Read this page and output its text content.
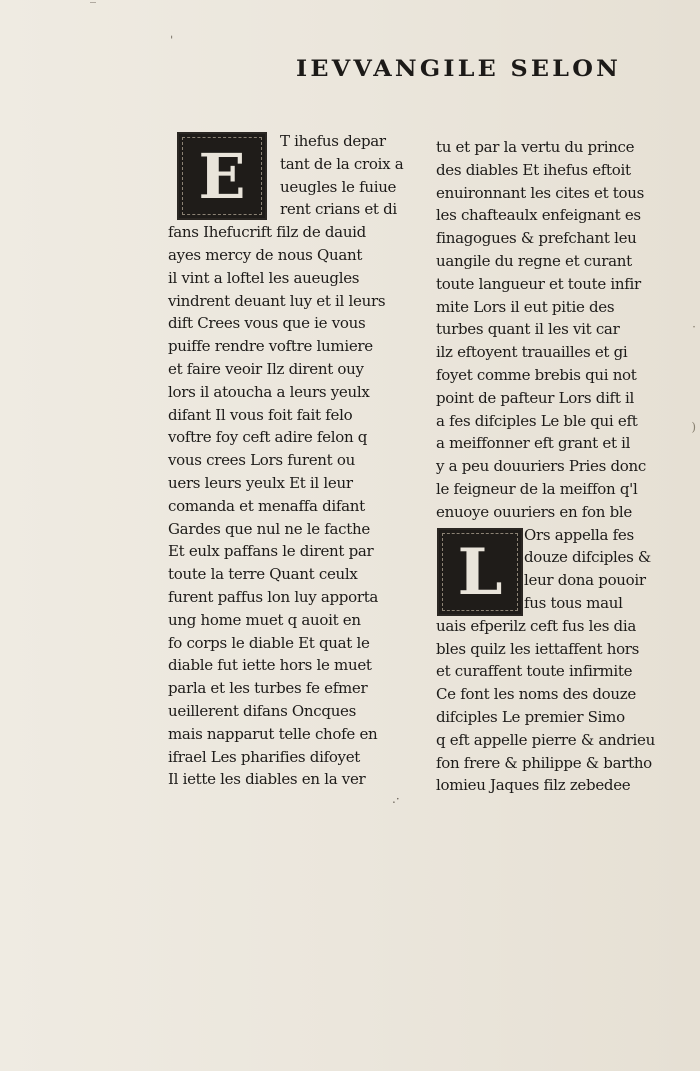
IEVVANGILE SELON
E
L
T ihefus depar
tant de la croix a
ueugles le fuiue
rent crians et di
fans Ihefucrift filz de dauid
ayes mercy de nous Quant
il vint a loftel les aueugles
vindrent deuant luy et il leurs
dift Crees vous que ie vous
puiffe rendre voftre lumiere
et faire veoir Ilz dirent ouy
lors il atoucha a leurs yeulx
difant Il vous foit fait felo
voftre foy ceft adire felon q
vous crees Lors furent ou
uers leurs yeulx Et il leur
comanda et menaffa difant
Gardes que nul ne le facthe
Et eulx paffans le dirent par
toute la terre Quant ceulx
furent paffus lon luy apporta
ung home muet q auoit en
fo corps le diable Et quat le
diable fut iette hors le muet
parla et les turbes fe efmer
ueillerent difans Oncques
mais napparut telle chofe en
ifrael Les pharifies difoyet
Il iette les diables en la ver
tu et par la vertu du prince
des diables Et ihefus eftoit
enuironnant les cites et tous
les chafteaulx enfeignant es
finagogues & prefchant leu
uangile du regne et curant
toute langueur et toute infir
mite Lors il eut pitie des
turbes quant il les vit car
ilz eftoyent trauailles et gi
foyet comme brebis qui not
point de pafteur Lors dift il
a fes difciples Le ble qui eft
a meiffonner eft grant et il
y a peu douuriers Pries donc
le feigneur de la meiffon q'l
enuoye ouuriers en fon ble
Ors appella fes
douze difciples &
leur dona pouoir
fus tous maul
uais efperilz ceft fus les dia
bles quilz les iettaffent hors
et curaffent toute infirmite
Ce font les noms des douze
difciples Le premier Simo
q eft appelle pierre & andrieu
fon frere & philippe & bartho
lomieu Jaques filz zebedee
ˈ
‾
.·
·
)
